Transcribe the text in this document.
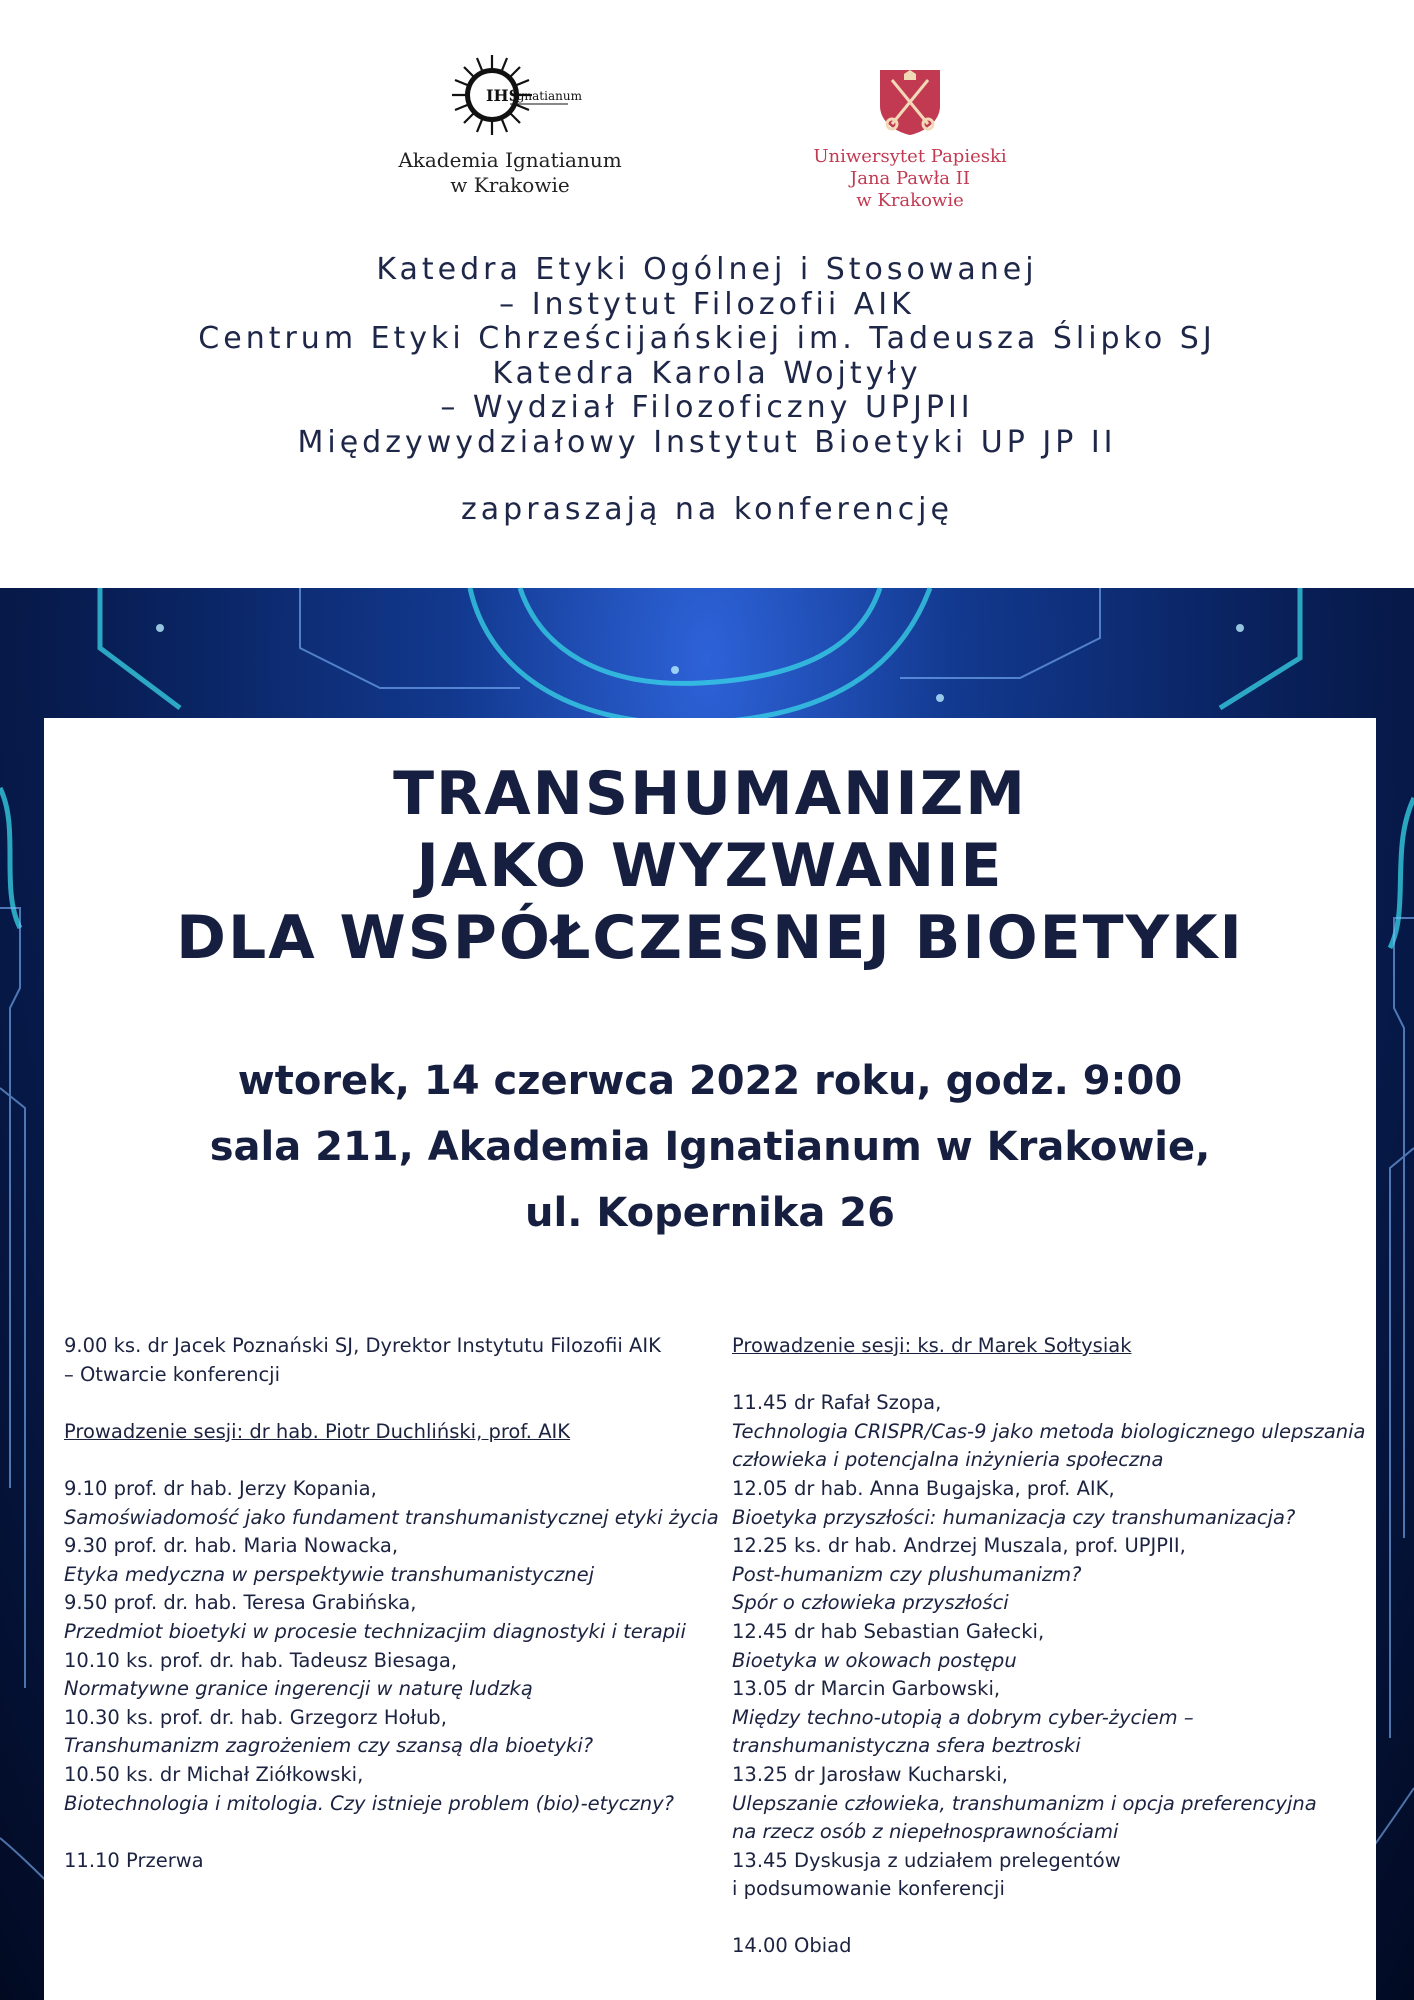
IHS
Ignatianum
Akademia Ignatianum
w Krakowie
Uniwersytet Papieski
Jana Pawła II
w Krakowie
Katedra Etyki Ogólnej i Stosowanej
– Instytut Filozofii AIK
Centrum Etyki Chrześcijańskiej im. Tadeusza Ślipko SJ
Katedra Karola Wojtyły
– Wydział Filozoficzny UPJPII
Międzywydziałowy Instytut Bioetyki UP JP II
zapraszają na konferencję
TRANSHUMANIZM
JAKO WYZWANIE
DLA WSPÓŁCZESNEJ BIOETYKI
wtorek, 14 czerwca 2022 roku, godz. 9:00
sala 211, Akademia Ignatianum w Krakowie,
ul. Kopernika 26
9.00 ks. dr Jacek Poznański SJ, Dyrektor Instytutu Filozofii AIK
– Otwarcie konferencji
Prowadzenie sesji: dr hab. Piotr Duchliński, prof. AIK
9.10 prof. dr hab. Jerzy Kopania,
Samoświadomość jako fundament transhumanistycznej etyki życia
9.30 prof. dr. hab. Maria Nowacka,
Etyka medyczna w perspektywie transhumanistycznej
9.50 prof. dr. hab. Teresa Grabińska,
Przedmiot bioetyki w procesie technizacjim diagnostyki i terapii
10.10 ks. prof. dr. hab. Tadeusz Biesaga,
Normatywne granice ingerencji w naturę ludzką
10.30 ks. prof. dr. hab. Grzegorz Hołub,
Transhumanizm zagrożeniem czy szansą dla bioetyki?
10.50 ks. dr Michał Ziółkowski,
Biotechnologia i mitologia. Czy istnieje problem (bio)-etyczny?
11.10 Przerwa
Prowadzenie sesji: ks. dr Marek Sołtysiak
11.45 dr Rafał Szopa,
Technologia CRISPR/Cas-9 jako metoda biologicznego ulepszania
człowieka i potencjalna inżynieria społeczna
12.05 dr hab. Anna Bugajska, prof. AIK,
Bioetyka przyszłości: humanizacja czy transhumanizacja?
12.25 ks. dr hab. Andrzej Muszala, prof. UPJPII,
Post-humanizm czy plushumanizm?
Spór o człowieka przyszłości
12.45 dr hab Sebastian Gałecki,
Bioetyka w okowach postępu
13.05 dr Marcin Garbowski,
Między techno-utopią a dobrym cyber-życiem –
transhumanistyczna sfera beztroski
13.25 dr Jarosław Kucharski,
Ulepszanie człowieka, transhumanizm i opcja preferencyjna
na rzecz osób z niepełnosprawnościami
13.45 Dyskusja z udziałem prelegentów
i podsumowanie konferencji
14.00 Obiad
